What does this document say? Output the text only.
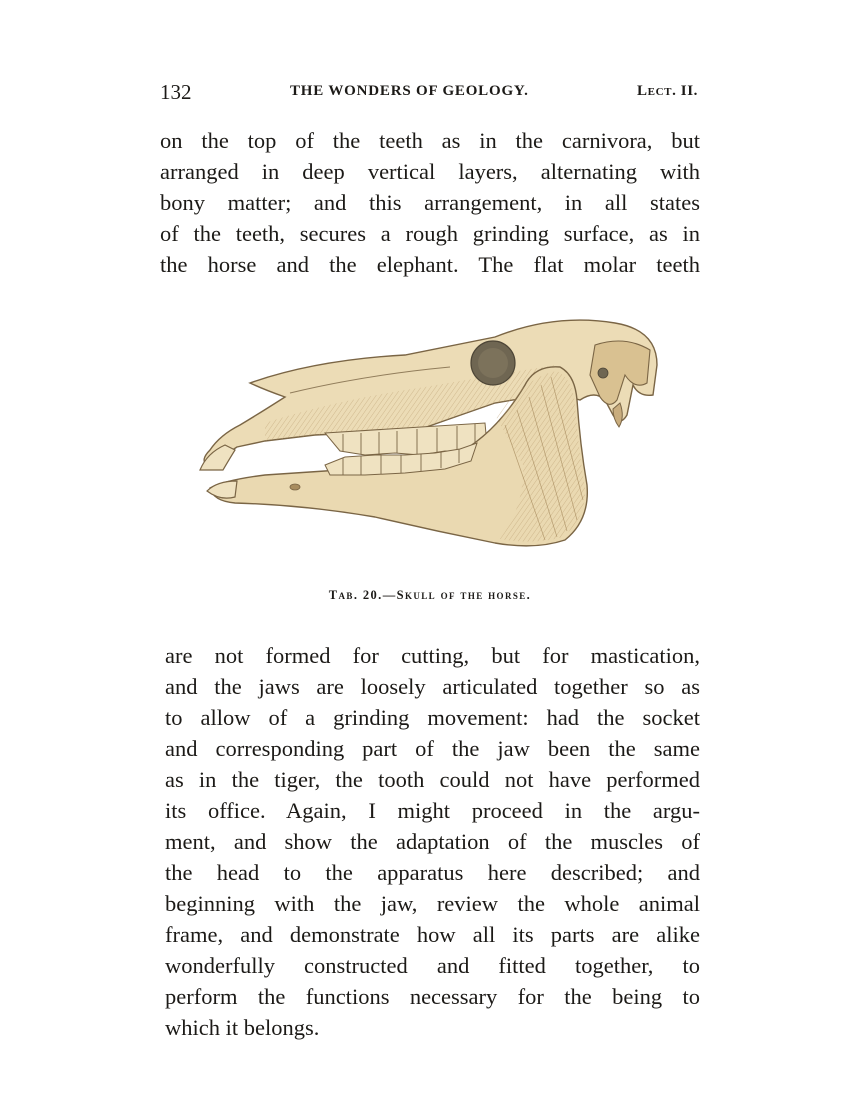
132	THE WONDERS OF GEOLOGY.	Lect. II.
on the top of the teeth as in the carnivora, but
arranged in deep vertical layers, alternating with
bony matter; and this arrangement, in all states
of the teeth, secures a rough grinding surface, as in
the horse and the elephant. The flat molar teeth
Tab. 20.—Skull of the horse.
are not formed for cutting, but for mastication,
and the jaws are loosely articulated together so as
to allow of a grinding movement: had the socket
and corresponding part of the jaw been the same
as in the tiger, the tooth could not have performed
its office. Again, I might proceed in the argu-
ment, and show the adaptation of the muscles of
the head to the apparatus here described; and
beginning with the jaw, review the whole animal
frame, and demonstrate how all its parts are alike
wonderfully constructed and fitted together, to
perform the functions necessary for the being to
which it belongs.
